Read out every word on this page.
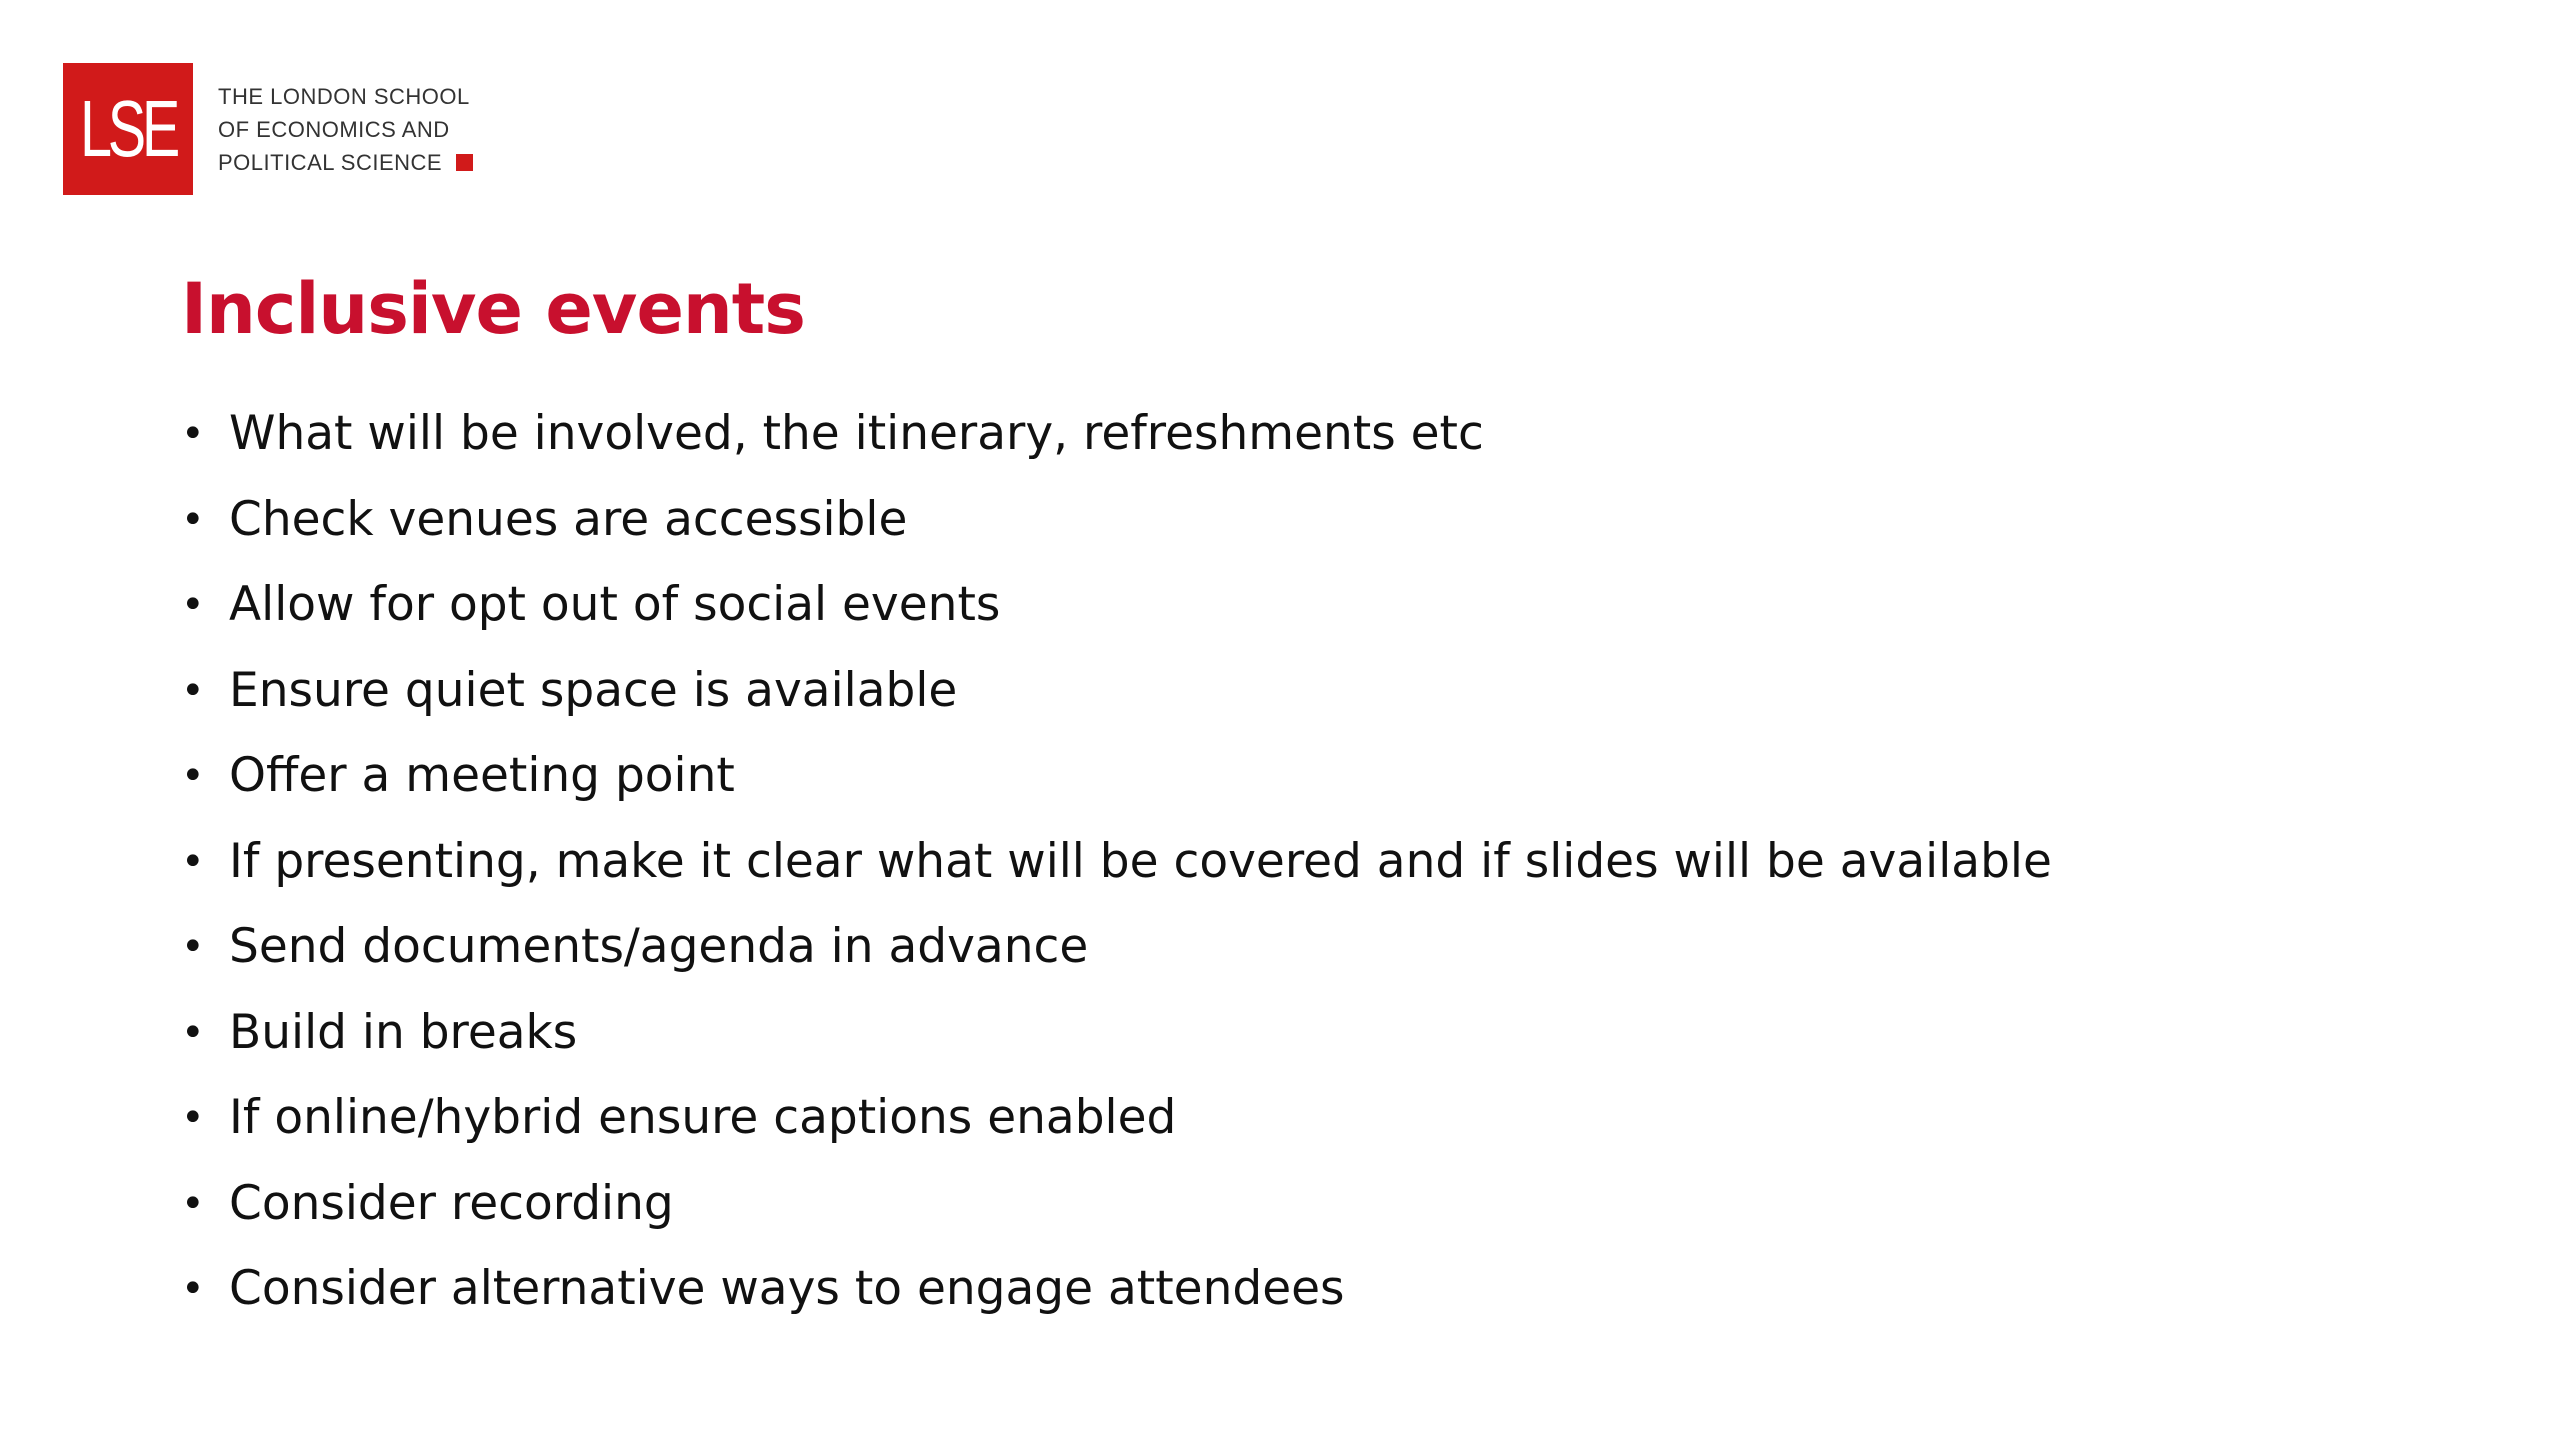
LSE THE LONDON SCHOOL
OF ECONOMICS AND
POLITICAL SCIENCE
Inclusive events
• What will be involved, the itinerary, refreshments etc
• Check venues are accessible
• Allow for opt out of social events
• Ensure quiet space is available
• Offer a meeting point
• If presenting, make it clear what will be covered and if slides will be available
• Send documents/agenda in advance
• Build in breaks
• If online/hybrid ensure captions enabled
• Consider recording
• Consider alternative ways to engage attendees
